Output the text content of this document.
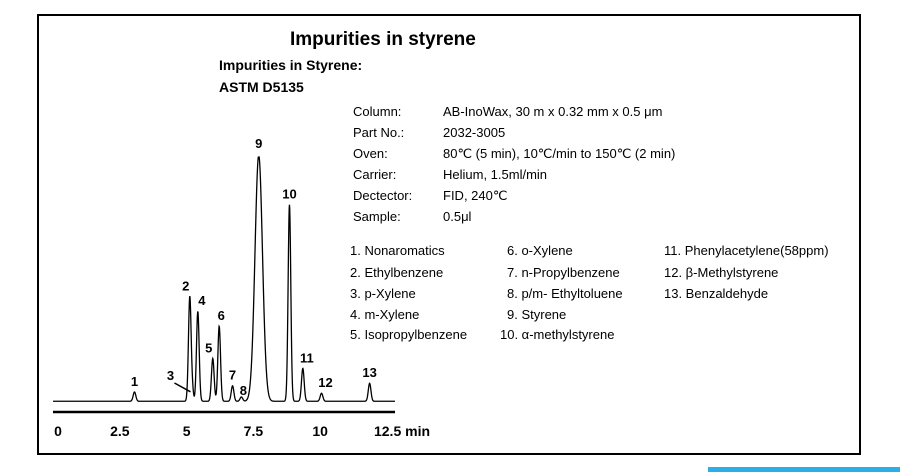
Impurities in styrene
Impurities in Styrene:
ASTM D5135
Column:	AB-InoWax, 30 m x 0.32 mm x 0.5 μm
Part No.:	2032-3005
Oven:	80℃ (5 min), 10℃/min to 150℃ (2 min)
Carrier:	Helium, 1.5ml/min
Dectector: FID, 240℃
Sample:	0.5μl
1. Nonaromatics
2. Ethylbenzene
3. p-Xylene
4. m-Xylene
5. Isopropylbenzene
6. o-Xylene
7. n-Propylbenzene
8. p/m- Ethyltoluene
9. Styrene
10. α-methylstyrene
11. Phenylacetylene(58ppm)
12. β-Methylstyrene
13. Benzaldehyde
0	2.5	5	7.5	10	12.5 min
1
2
3
4
5
6
7
8
9
10
11
12
13
